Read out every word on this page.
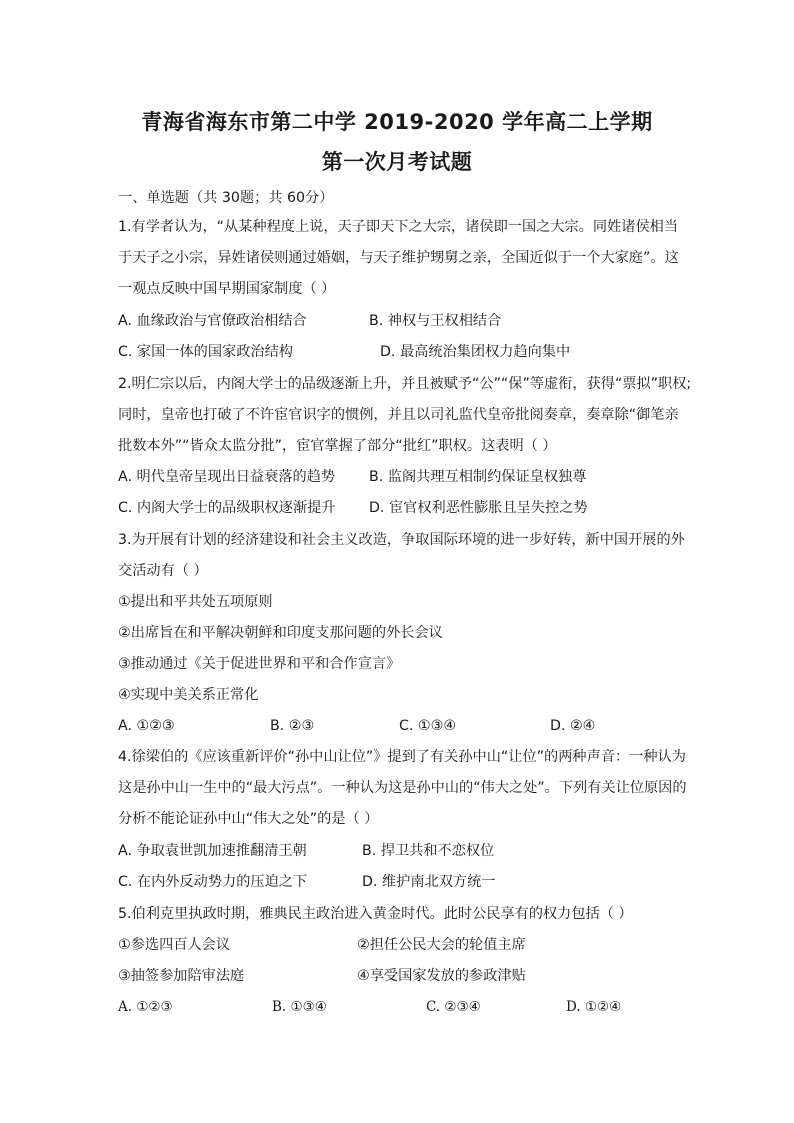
青海省海东市第二中学 2019-2020 学年高二上学期
第一次月考试题
一、单选题（共 30题；共 60分）
1.有学者认为，“从某种程度上说，天子即天下之大宗，诸侯即一国之大宗。同姓诸侯相当
于天子之小宗，异姓诸侯则通过婚姻，与天子维护甥舅之亲，全国近似于一个大家庭”。这
一观点反映中国早期国家制度（ ）
A. 血缘政治与官僚政治相结合	B. 神权与王权相结合
C. 家国一体的国家政治结构	D. 最高统治集团权力趋向集中
2.明仁宗以后，内阁大学士的品级逐渐上升，并且被赋予“公”“保”等虚衔，获得“票拟”职权;
同时，皇帝也打破了不许宦官识字的惯例，并且以司礼监代皇帝批阅奏章，奏章除“御笔亲
批数本外”“皆众太监分批”，宦官掌握了部分“批红”职权。这表明（ ）
A. 明代皇帝呈现出日益衰落的趋势 B. 监阁共理互相制约保证皇权独尊
C. 内阁大学士的品级职权逐渐提升 D. 宦官权利恶性膨胀且呈失控之势
3.为开展有计划的经济建设和社会主义改造，争取国际环境的进一步好转，新中国开展的外
交活动有（ ）
①提出和平共处五项原则
②出席旨在和平解决朝鲜和印度支那问题的外长会议
③推动通过《关于促进世界和平和合作宣言》
④实现中美关系正常化
A. ①②③	B. ②③	C. ①③④	D. ②④
4.徐梁伯的《应该重新评价“孙中山让位”》提到了有关孙中山“让位”的两种声音：一种认为
这是孙中山一生中的“最大污点”。一种认为这是孙中山的“伟大之处”。下列有关让位原因的
分析不能论证孙中山“伟大之处”的是（ ）
A. 争取袁世凯加速推翻清王朝	B. 捍卫共和不恋权位
C. 在内外反动势力的压迫之下	D. 维护南北双方统一
5.伯利克里执政时期，雅典民主政治进入黄金时代。此时公民享有的权力包括（ ）
①参选四百人会议	②担任公民大会的轮值主席
③抽签参加陪审法庭	④享受国家发放的参政津贴
A. ①②③	B. ①③④	C. ②③④	D. ①②④
